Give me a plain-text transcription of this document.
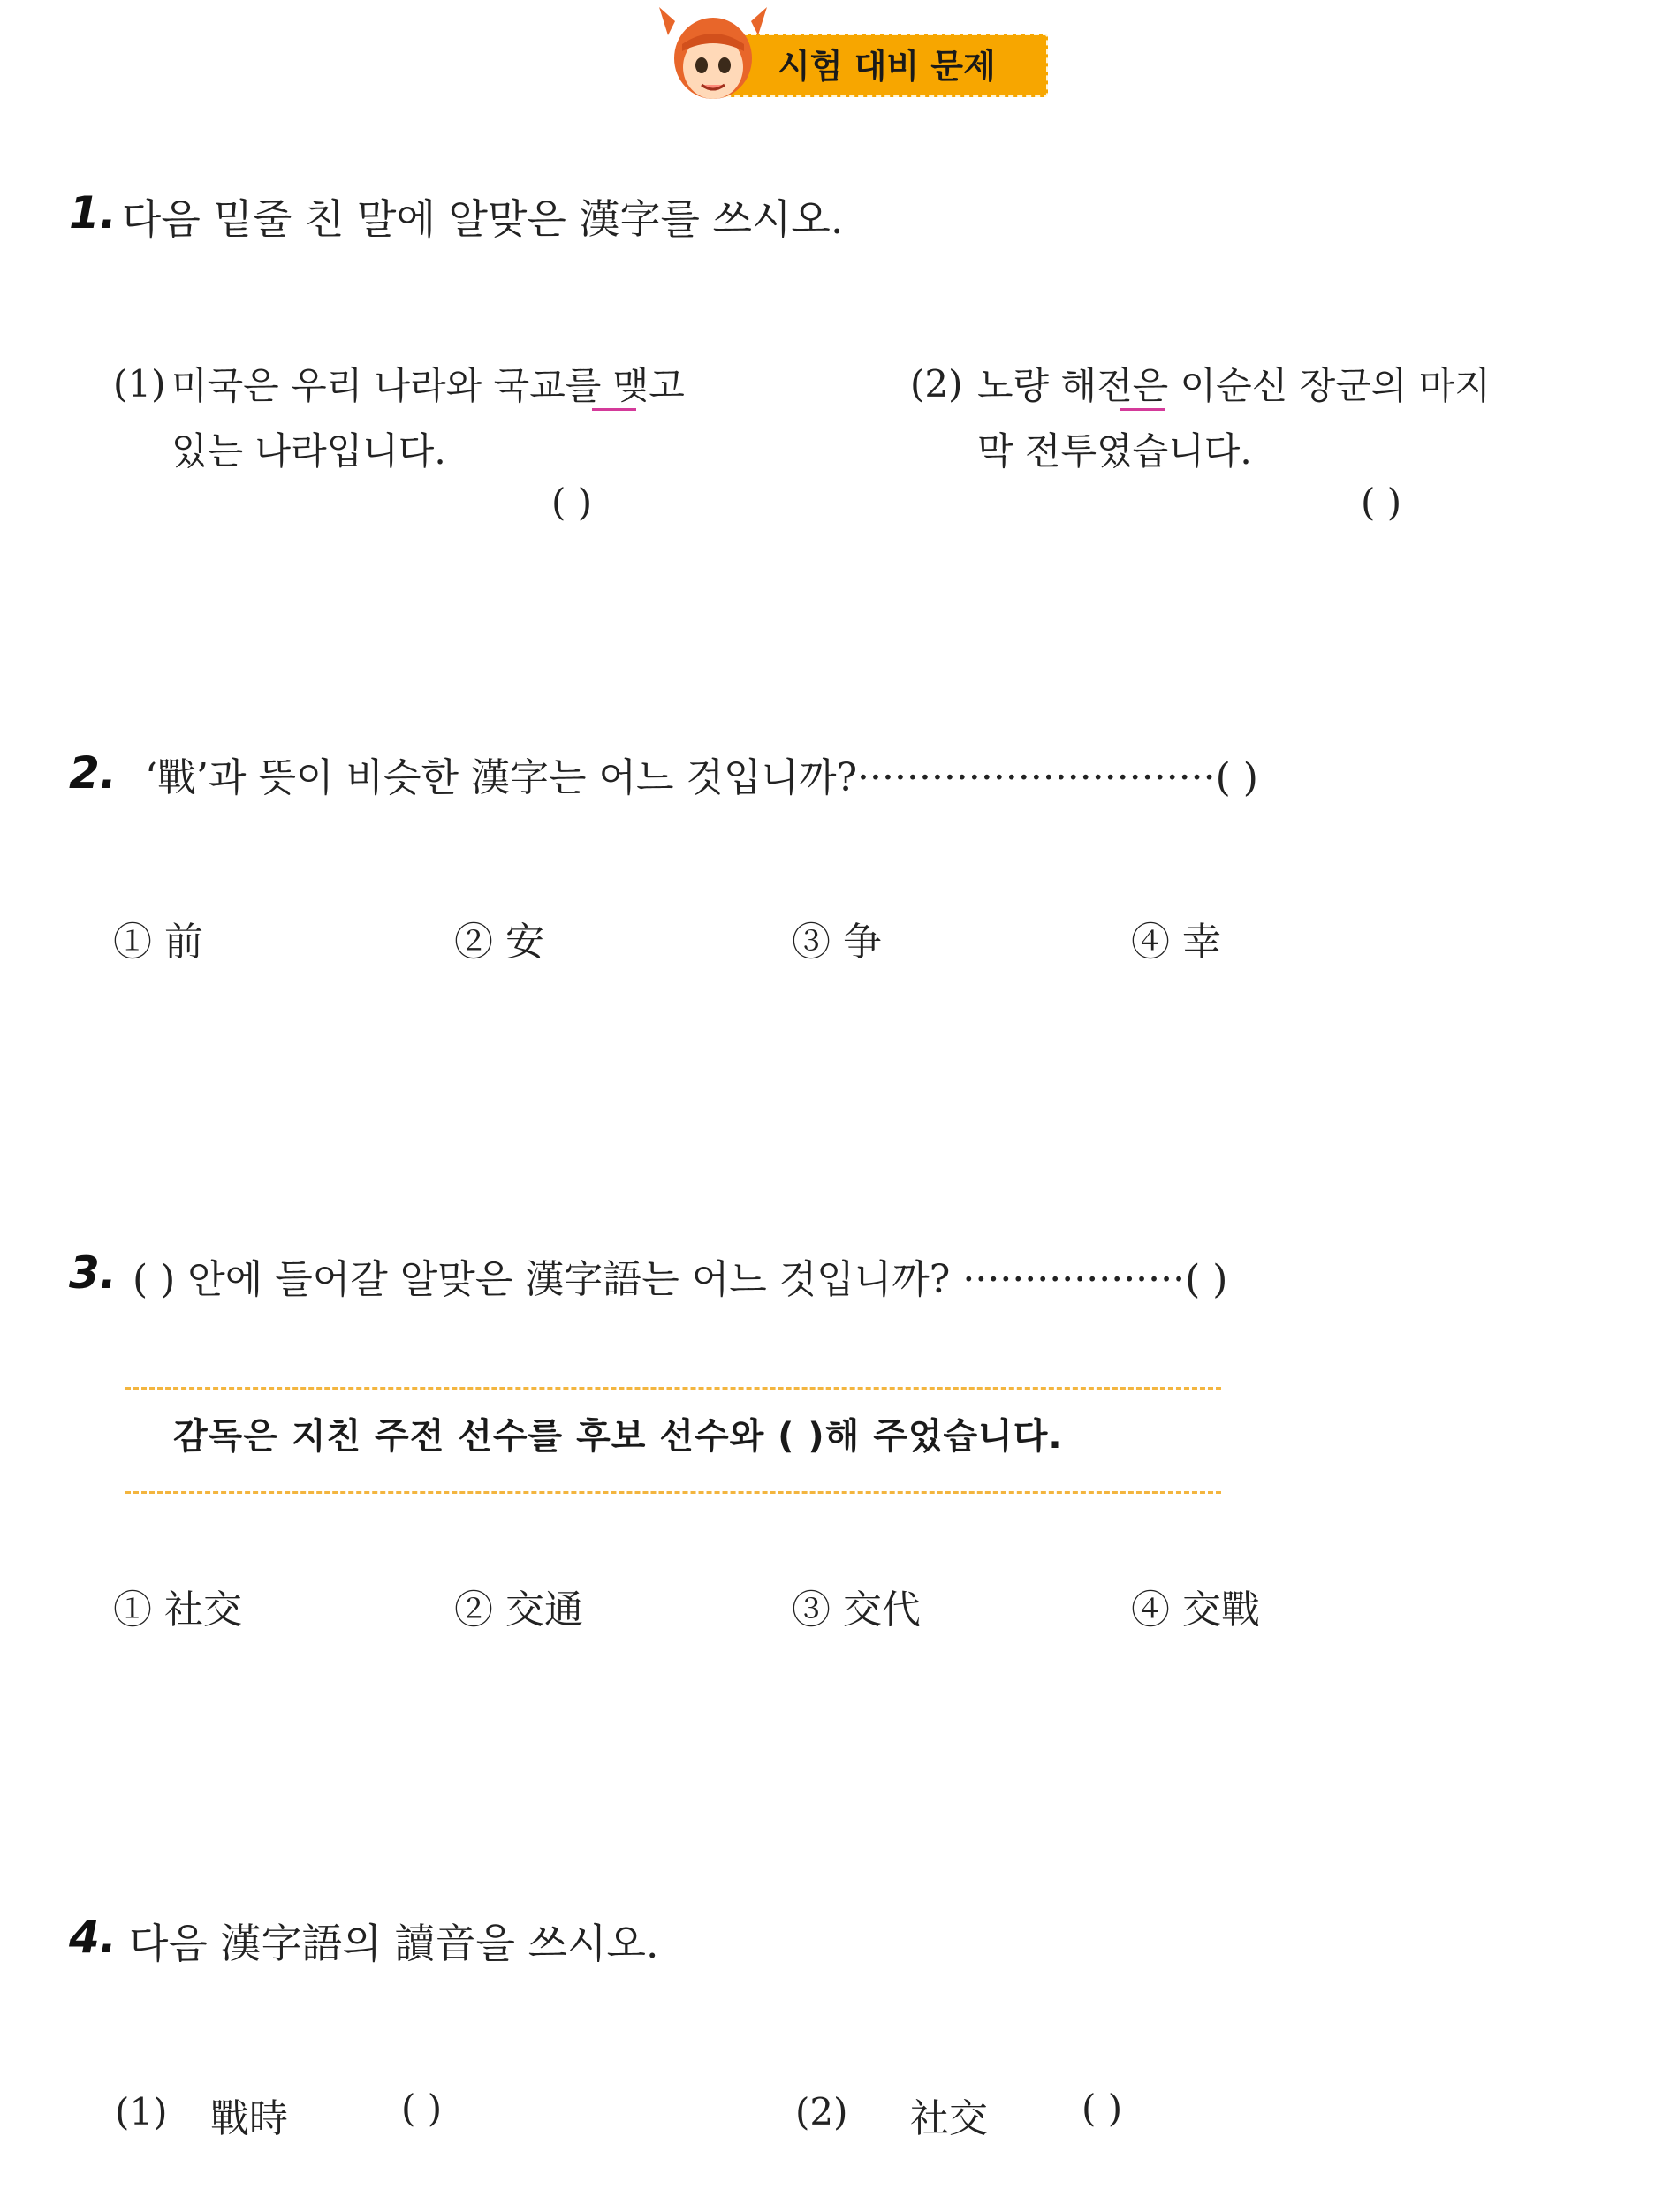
시험 대비 문제
1. 다음 밑줄 친 말에 알맞은 漢字를 쓰시오.
(1) 미국은 우리 나라와 국교를 맺고
있는 나라입니다.
( )
(2) 노량 해전은 이순신 장군의 마지
막 전투였습니다.
( )
2. ‘戰’과 뜻이 비슷한 漢字는 어느 것입니까?·····························( )
① 前	② 安	③ 争	④ 幸
3. ( ) 안에 들어갈 알맞은 漢字語는 어느 것입니까? ··················( )
감독은 지친 주전 선수를 후보 선수와 ( )해 주었습니다.
① 社交	② 交通	③ 交代	④ 交戰
4. 다음 漢字語의 讀音을 쓰시오.
(1) 戰時	( )	(2) 社交	( )
